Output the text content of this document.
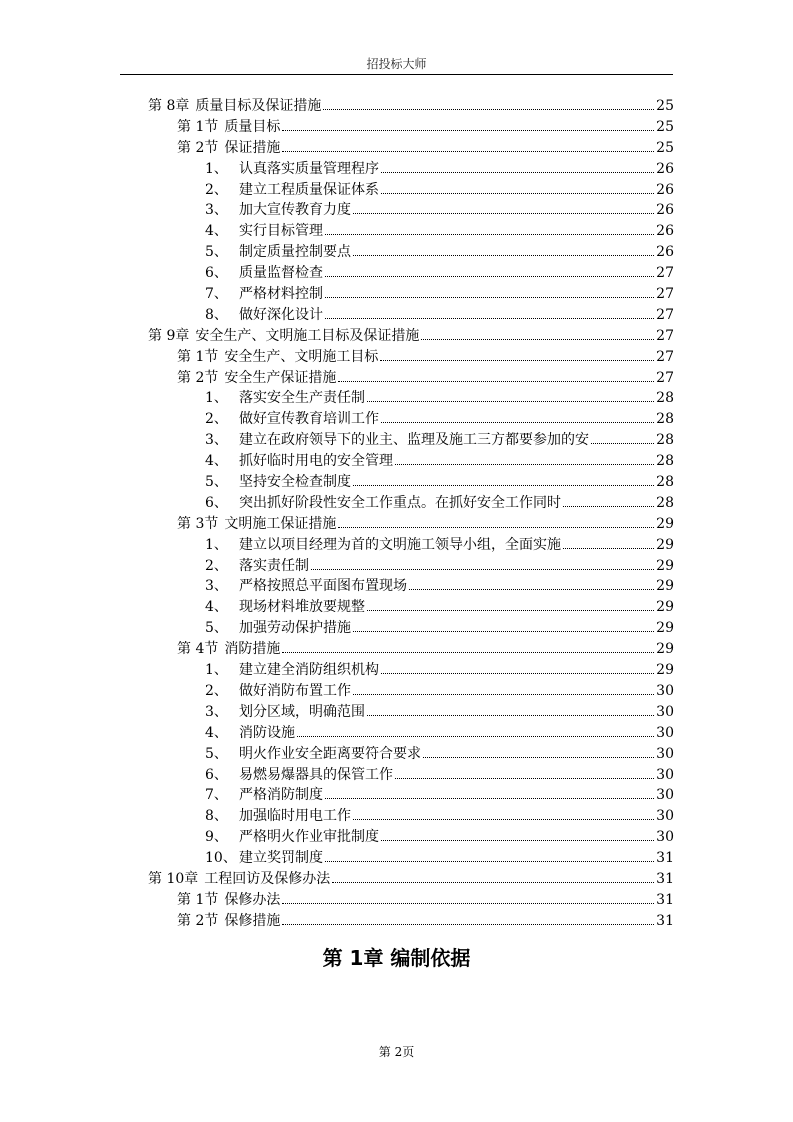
招投标大师
第 8章 质量目标及保证措施	25
第 1节 质量目标	25
第 2节 保证措施	25
1、 认真落实质量管理程序	26
2、 建立工程质量保证体系	26
3、 加大宣传教育力度	26
4、 实行目标管理	26
5、 制定质量控制要点	26
6、 质量监督检查	27
7、 严格材料控制	27
8、 做好深化设计	27
第 9章 安全生产、文明施工目标及保证措施	27
第 1节 安全生产、文明施工目标	27
第 2节 安全生产保证措施	27
1、 落实安全生产责任制	28
2、 做好宣传教育培训工作	28
3、 建立在政府领导下的业主、监理及施工三方都要参加的安	28
4、 抓好临时用电的安全管理	28
5、 坚持安全检查制度	28
6、 突出抓好阶段性安全工作重点。在抓好安全工作同时	28
第 3节 文明施工保证措施	29
1、 建立以项目经理为首的文明施工领导小组，全面实施	29
2、 落实责任制	29
3、 严格按照总平面图布置现场	29
4、 现场材料堆放要规整	29
5、 加强劳动保护措施	29
第 4节 消防措施	29
1、 建立建全消防组织机构	29
2、 做好消防布置工作	30
3、 划分区域，明确范围	30
4、 消防设施	30
5、 明火作业安全距离要符合要求	30
6、 易燃易爆器具的保管工作	30
7、 严格消防制度	30
8、 加强临时用电工作	30
9、 严格明火作业审批制度	30
10、 建立奖罚制度	31
第 10章 工程回访及保修办法	31
第 1节 保修办法	31
第 2节 保修措施	31
第 1章 编制依据
第 2页
